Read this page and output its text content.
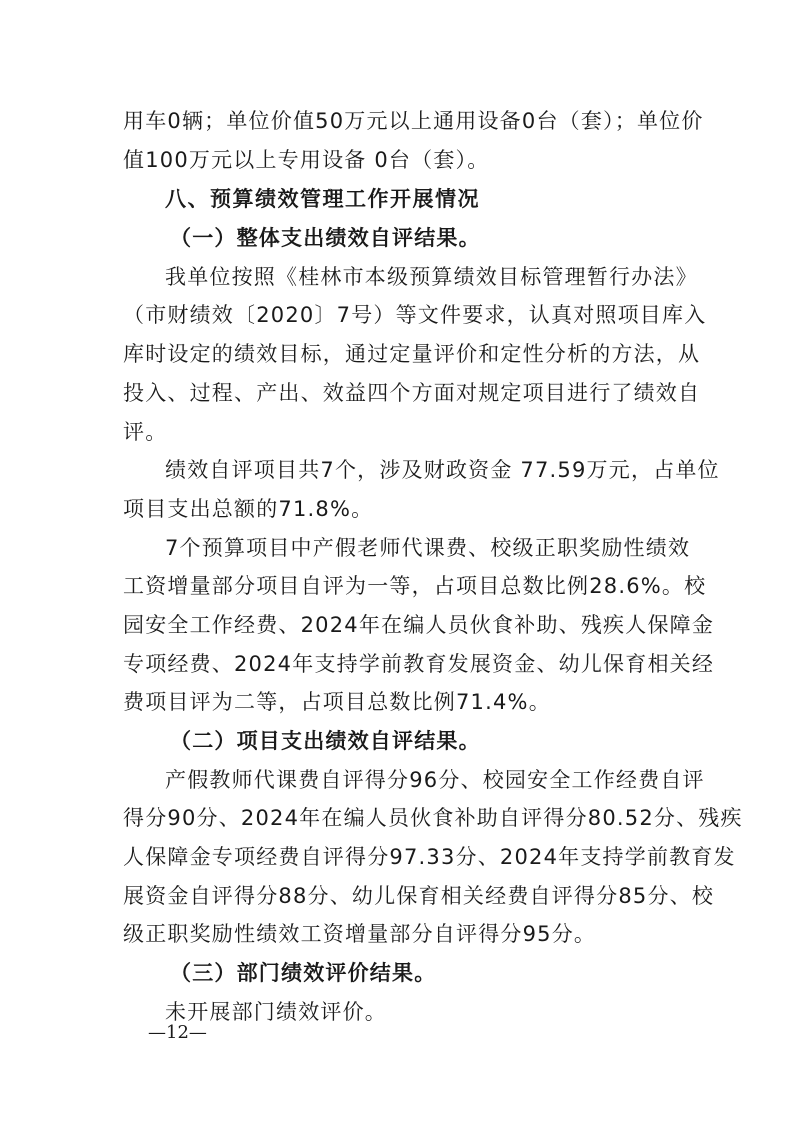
用车0辆；单位价值50万元以上通用设备0台（套）；单位价
值100万元以上专用设备 0台（套）。
八、预算绩效管理工作开展情况
（一）整体支出绩效自评结果。
我单位按照《桂林市本级预算绩效目标管理暂行办法》
（市财绩效〔2020〕7号）等文件要求，认真对照项目库入
库时设定的绩效目标，通过定量评价和定性分析的方法，从
投入、过程、产出、效益四个方面对规定项目进行了绩效自
评。
绩效自评项目共7个，涉及财政资金 77.59万元，占单位
项目支出总额的71.8%。
7个预算项目中产假老师代课费、校级正职奖励性绩效
工资增量部分项目自评为一等，占项目总数比例28.6%。校
园安全工作经费、2024年在编人员伙食补助、残疾人保障金
专项经费、2024年支持学前教育发展资金、幼儿保育相关经
费项目评为二等，占项目总数比例71.4%。
（二）项目支出绩效自评结果。
产假教师代课费自评得分96分、校园安全工作经费自评
得分90分、2024年在编人员伙食补助自评得分80.52分、残疾
人保障金专项经费自评得分97.33分、2024年支持学前教育发
展资金自评得分88分、幼儿保育相关经费自评得分85分、校
级正职奖励性绩效工资增量部分自评得分95分。
（三）部门绩效评价结果。
未开展部门绩效评价。
—12—
